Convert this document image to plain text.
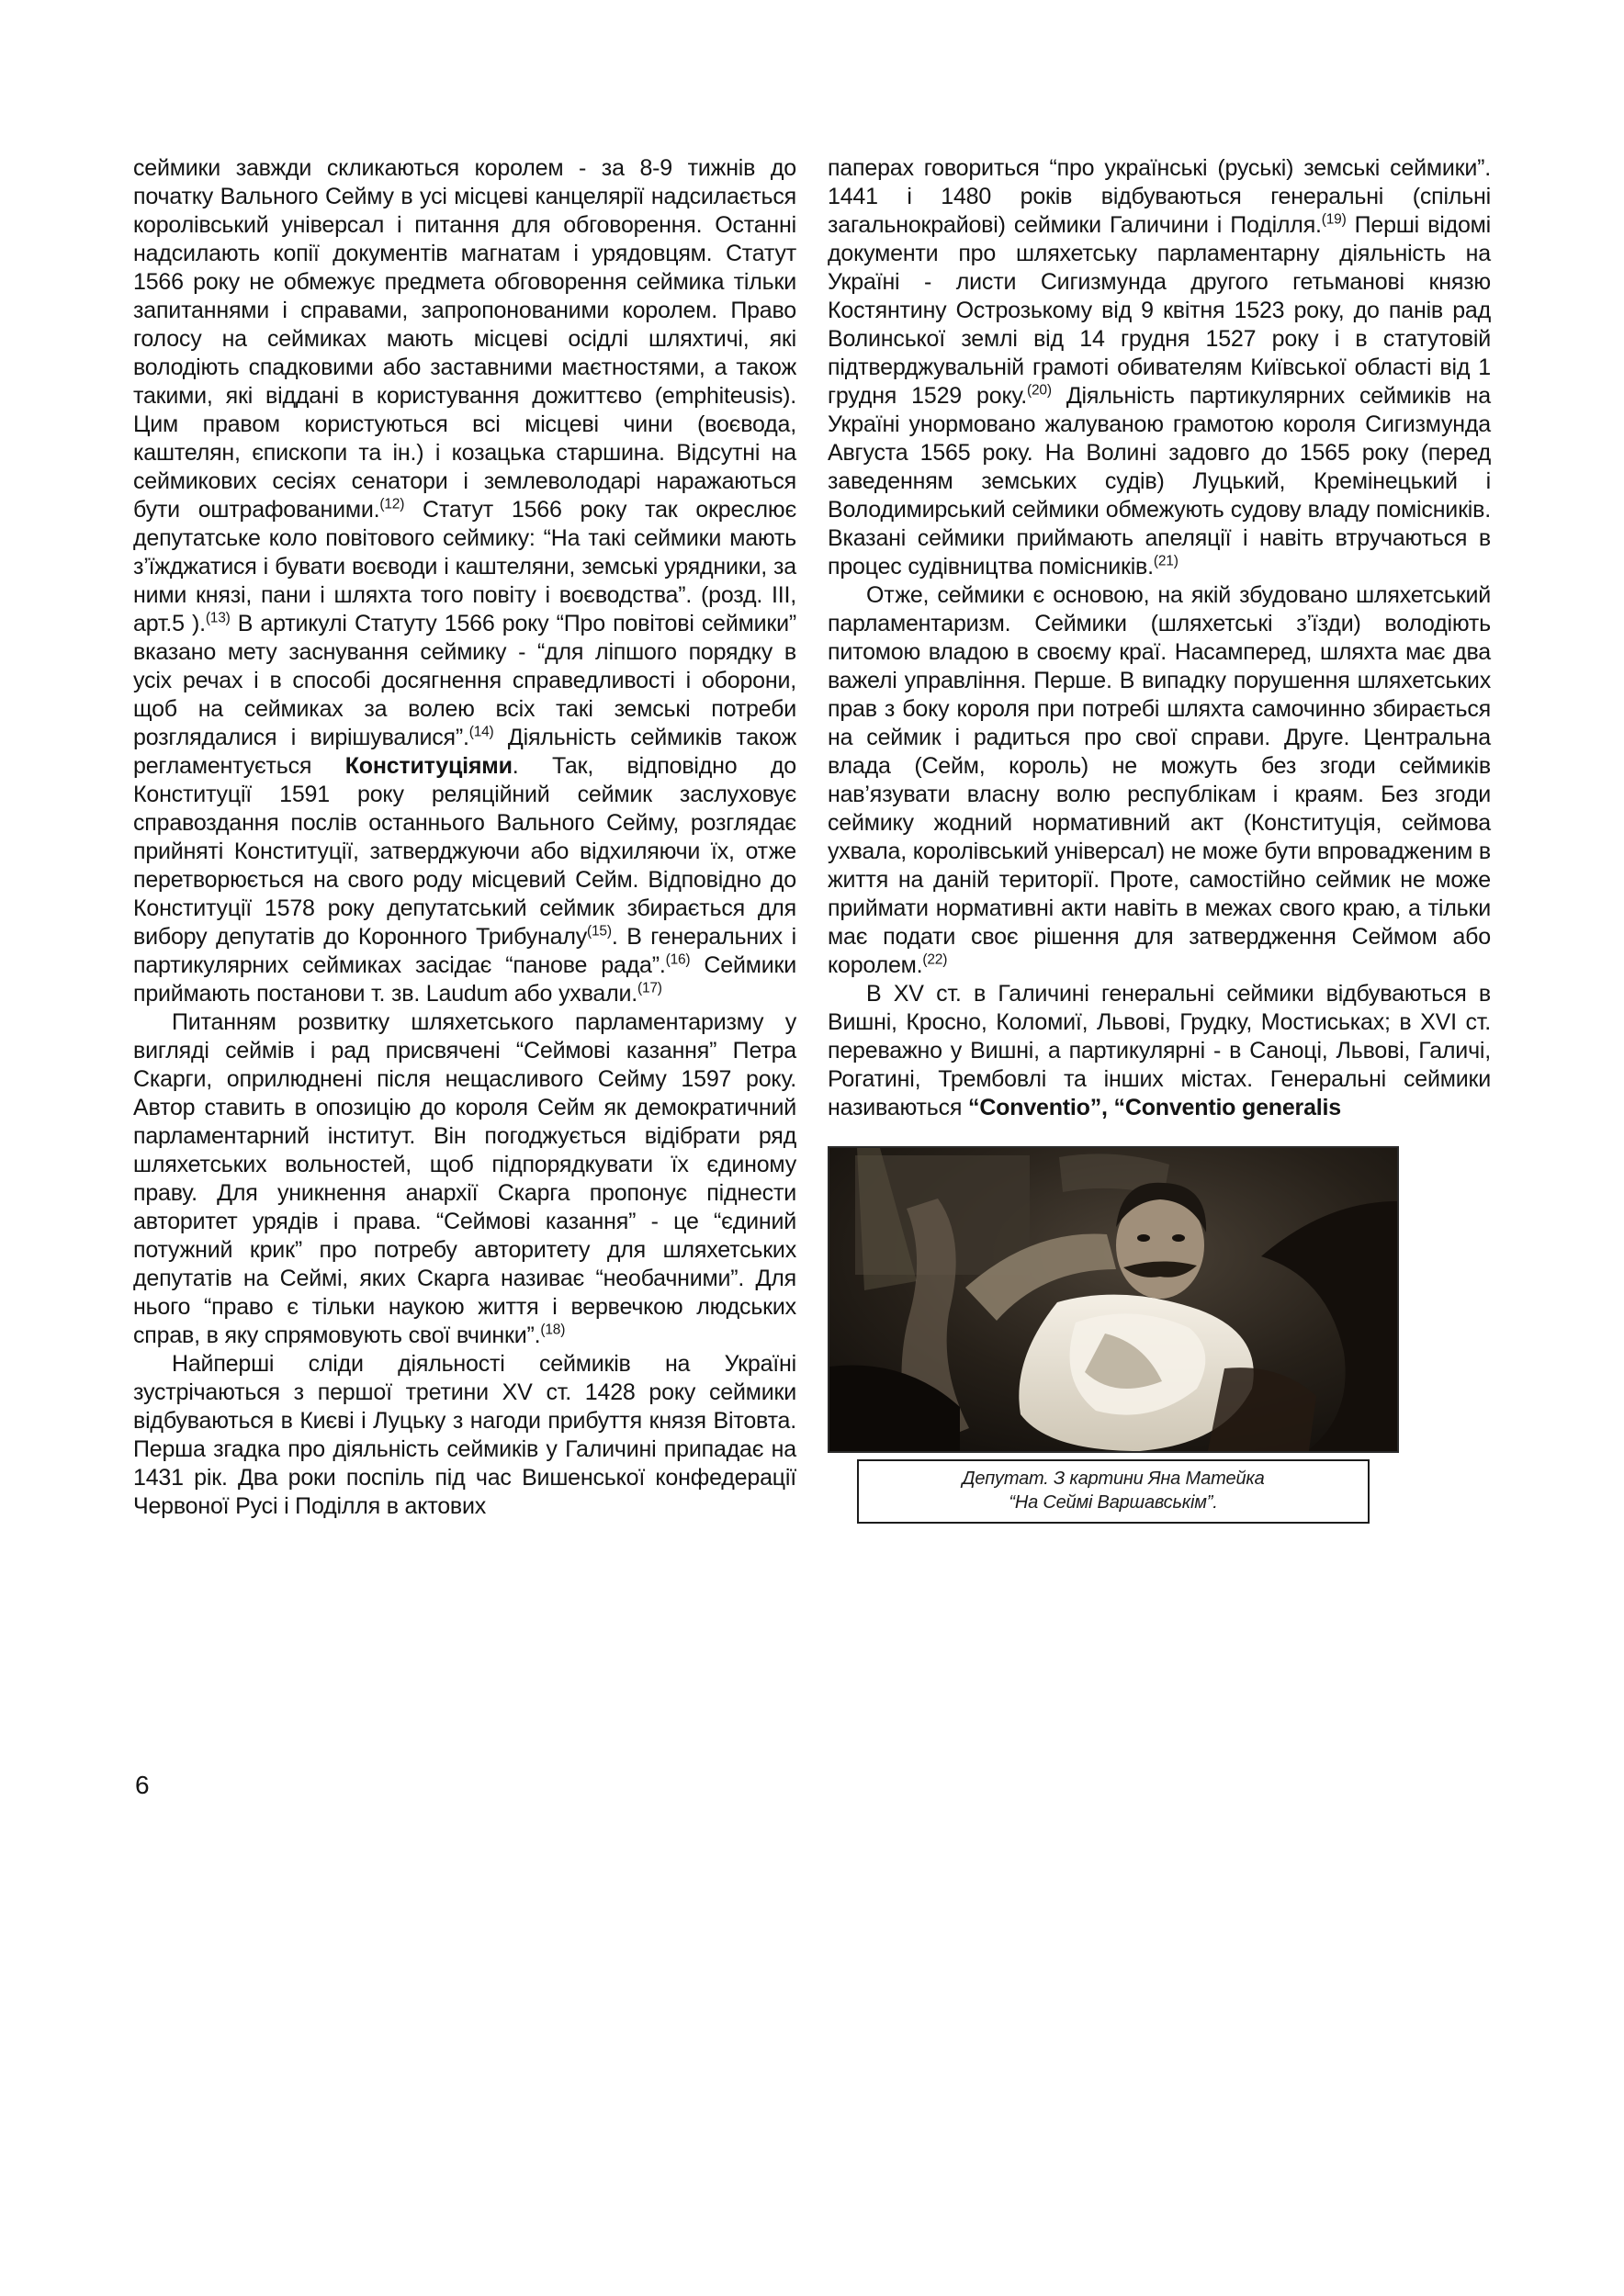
сеймики завжди скликаються королем - за 8-9 тижнів до початку Вального Сейму в усі місцеві канцелярії надсилається королівський універсал і питання для обговорення. Останні надсилають копії документів магнатам і урядовцям. Статут 1566 року не обмежує предмета обговорення сеймика тільки запитаннями і справами, запропонованими королем. Право голосу на сеймиках мають місцеві осідлі шляхтичі, які володіють спадковими або заставними маєтностями, а також такими, які віддані в користування дожиттєво (emphiteusis). Цим правом користуються всі місцеві чини (воєвода, каштелян, єпископи та ін.) і козацька старшина. Відсутні на сеймикових сесіях сенатори і землеволодарі наражаються бути оштрафованими.$^{(12)}$ Статут 1566 року так окреслює депутатське коло повітового сеймику: “На такі сеймики мають з’їжджатися і бувати воєводи і каштеляни, земські урядники, за ними князі, пани і шляхта того повіту і воєводства”. (розд. III, арт.5 ).$^{(13)}$ В артикулі Статуту 1566 року “Про повітові сеймики” вказано мету заснування сеймику - “для ліпшого порядку в усіх речах і в способі досягнення справедливості і оборони, щоб на сеймиках за волею всіх такі земські потреби розглядалися і вирішувалися”.$^{(14)}$ Діяльність сеймиків також регламентується Конституціями. Так, відповідно до Конституції 1591 року реляційний сеймик заслуховує справоздання послів останнього Вального Сейму, розглядає прийняті Конституції, затверджуючи або відхиляючи їх, отже перетворюється на свого роду місцевий Сейм. Відповідно до Конституції 1578 року депутатський сеймик збирається для вибору депутатів до Коронного Трибуналу$^{(15)}$. В генеральних і партикулярних сеймиках засідає “панове рада”.$^{(16)}$ Сеймики приймають постанови т. зв. Laudum або ухвали.$^{(17)}$

Питанням розвитку шляхетського парламентаризму у вигляді сеймів і рад присвячені “Сеймові казання” Петра Скарги, оприлюднені після нещасливого Сейму 1597 року. Автор ставить в опозицію до короля Сейм як демократичний парламентарний інститут. Він погоджується відібрати ряд шляхетських вольностей, щоб підпорядкувати їх єдиному праву. Для уникнення анархії Скарга пропонує піднести авторитет урядів і права. “Сеймові казання” - це “єдиний потужний крик” про потребу авторитету для шляхетських депутатів на Сеймі, яких Скарга називає “необачними”. Для нього “право є тільки наукою життя і вервечкою людських справ, в яку спрямовують свої вчинки”.$^{(18)}$

Найперші сліди діяльності сеймиків на Україні зустрічаються з першої третини XV ст. 1428 року сеймики відбуваються в Києві і Луцьку з нагоди прибуття князя Вітовта. Перша згадка про діяльність сеймиків у Галичині припадає на 1431 рік. Два роки поспіль під час Вишенської конфедерації Червоної Русі і Поділля в актових

паперах говориться “про українські (руські) земські сеймики”. 1441 і 1480 років відбуваються генеральні (спільні загальнокрайові) сеймики Галичини і Поділля.$^{(19)}$ Перші відомі документи про шляхетську парламентарну діяльність на Україні - листи Сигизмунда другого гетьманові князю Костянтину Острозькому від 9 квітня 1523 року, до панів рад Волинської землі від 14 грудня 1527 року і в статутовій підтверджувальній грамоті обивателям Київської області від 1 грудня 1529 року.$^{(20)}$ Діяльність партикулярних сеймиків на Україні унормовано жалуваною грамотою короля Сигизмунда Августа 1565 року. На Волині задовго до 1565 року (перед заведенням земських судів) Луцький, Кремінецький і Володимирський сеймики обмежують судову владу помісників. Вказані сеймики приймають апеляції і навіть втручаються в процес судівництва помісників.$^{(21)}$

Отже, сеймики є основою, на якій збудовано шляхетський парламентаризм. Сеймики (шляхетські з’їзди) володіють питомою владою в своєму краї. Насамперед, шляхта має два важелі управління. Перше. В випадку порушення шляхетських прав з боку короля при потребі шляхта самочинно збирається на сеймик і радиться про свої справи. Друге. Центральна влада (Сейм, король) не можуть без згоди сеймиків нав’язувати власну волю республікам і краям. Без згоди сеймику жодний нормативний акт (Конституція, сеймова ухвала, королівський універсал) не може бути впровадженим в життя на даній території. Проте, самостійно сеймик не може приймати нормативні акти навіть в межах свого краю, а тільки має подати своє рішення для затвердження Сеймом або королем.$^{(22)}$

В XV ст. в Галичині генеральні сеймики відбуваються в Вишні, Кросно, Коломиї, Львові, Грудку, Мостиськах; в XVI ст. переважно у Вишні, а партикулярні - в Саноці, Львові, Галичі, Рогатині, Трембовлі та інших містах. Генеральні сеймики називаються “Conventio”, “Conventio generalis

Депутат. З картини Яна Матейка
“На Сеймі Варшавськім”.
6
